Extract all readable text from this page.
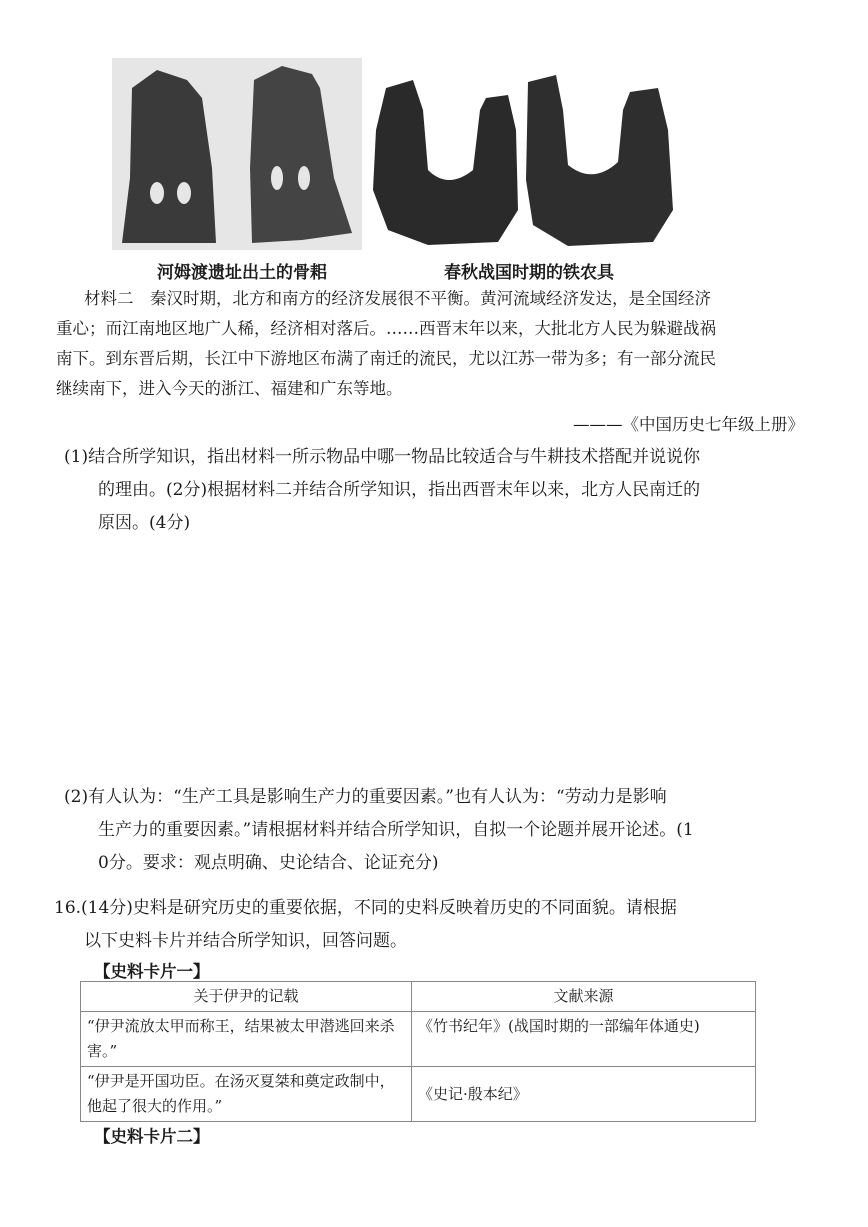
河姆渡遗址出土的骨耜	春秋战国时期的铁农具
材料二　秦汉时期，北方和南方的经济发展很不平衡。黄河流域经济发达，是全国经济
重心；而江南地区地广人稀，经济相对落后。……西晋末年以来，大批北方人民为躲避战祸
南下。到东晋后期，长江中下游地区布满了南迁的流民，尤以江苏一带为多；有一部分流民
继续南下，进入今天的浙江、福建和广东等地。
———《中国历史七年级上册》
(1)结合所学知识，指出材料一所示物品中哪一物品比较适合与牛耕技术搭配并说说你
的理由。(2分)根据材料二并结合所学知识，指出西晋末年以来，北方人民南迁的
原因。(4分)
(2)有人认为：“生产工具是影响生产力的重要因素。”也有人认为：“劳动力是影响
生产力的重要因素。”请根据材料并结合所学知识，自拟一个论题并展开论述。(1
0分。要求：观点明确、史论结合、论证充分)
16.(14分)史料是研究历史的重要依据，不同的史料反映着历史的不同面貌。请根据
以下史料卡片并结合所学知识，回答问题。
【史料卡片一】
关于伊尹的记载	文献来源
“伊尹流放太甲而称王，结果被太甲潜逃回来杀害。”	《竹书纪年》(战国时期的一部编年体通史)
“伊尹是开国功臣。在汤灭夏桀和奠定政制中，他起了很大的作用。”	《史记·殷本纪》
【史料卡片二】
